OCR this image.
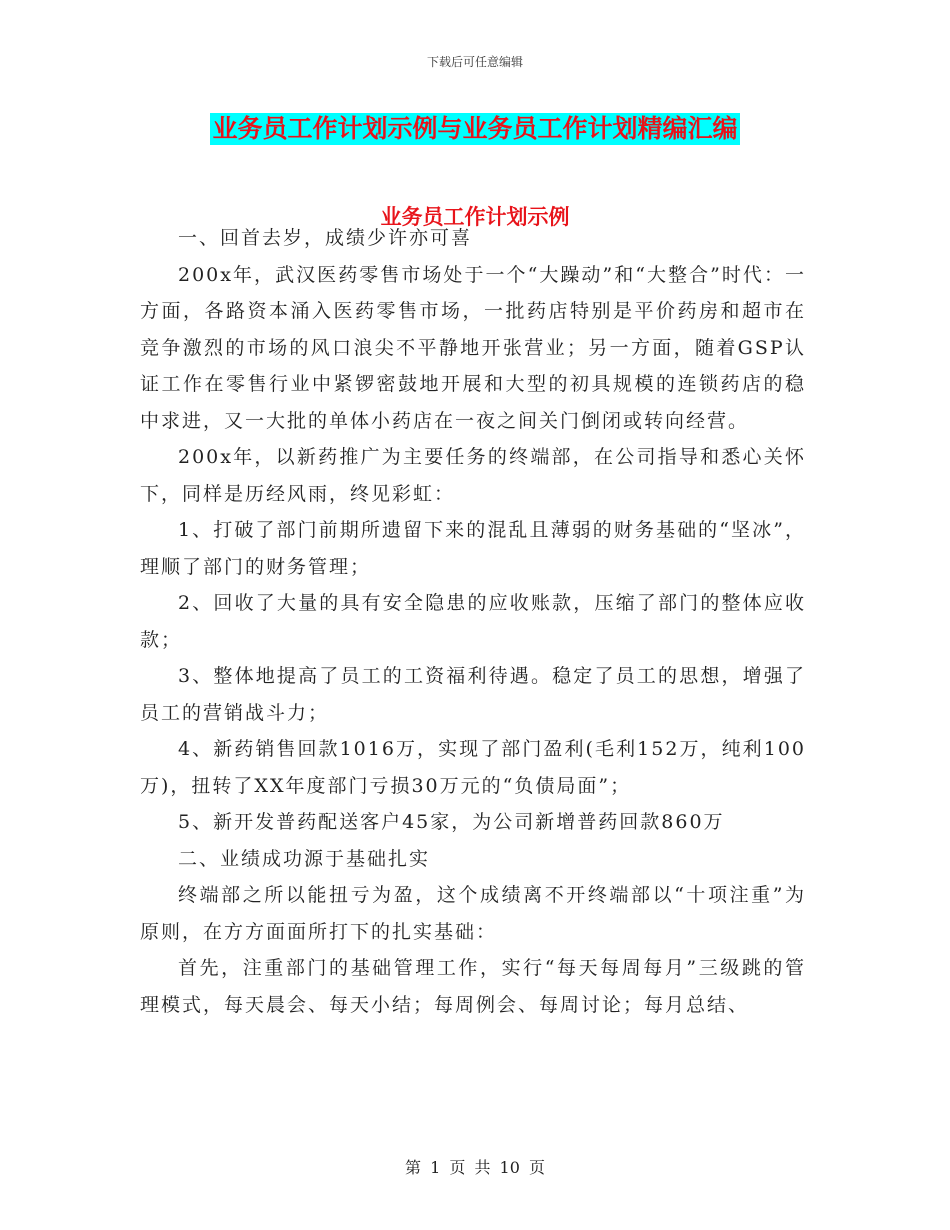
下载后可任意编辑
业务员工作计划示例与业务员工作计划精编汇编
业务员工作计划示例

一、回首去岁，成绩少许亦可喜

200x年，武汉医药零售市场处于一个“大躁动”和“大整合”时代：一方面，各路资本涌入医药零售市场，一批药店特别是平价药房和超市在竞争激烈的市场的风口浪尖不平静地开张营业；另一方面，随着GSP认证工作在零售行业中紧锣密鼓地开展和大型的初具规模的连锁药店的稳中求进，又一大批的单体小药店在一夜之间关门倒闭或转向经营。

200x年，以新药推广为主要任务的终端部，在公司指导和悉心关怀下，同样是历经风雨，终见彩虹：

1、打破了部门前期所遗留下来的混乱且薄弱的财务基础的“坚冰”，理顺了部门的财务管理；

2、回收了大量的具有安全隐患的应收账款，压缩了部门的整体应收款；

3、整体地提高了员工的工资福利待遇。稳定了员工的思想，增强了员工的营销战斗力；

4、新药销售回款1016万，实现了部门盈利(毛利152万，纯利100万)，扭转了XX年度部门亏损30万元的“负债局面”；

5、新开发普药配送客户45家，为公司新增普药回款860万

二、业绩成功源于基础扎实

终端部之所以能扭亏为盈，这个成绩离不开终端部以“十项注重”为原则，在方方面面所打下的扎实基础：

首先，注重部门的基础管理工作，实行“每天每周每月”三级跳的管理模式，每天晨会、每天小结；每周例会、每周讨论；每月总结、

第 1 页 共 10 页
